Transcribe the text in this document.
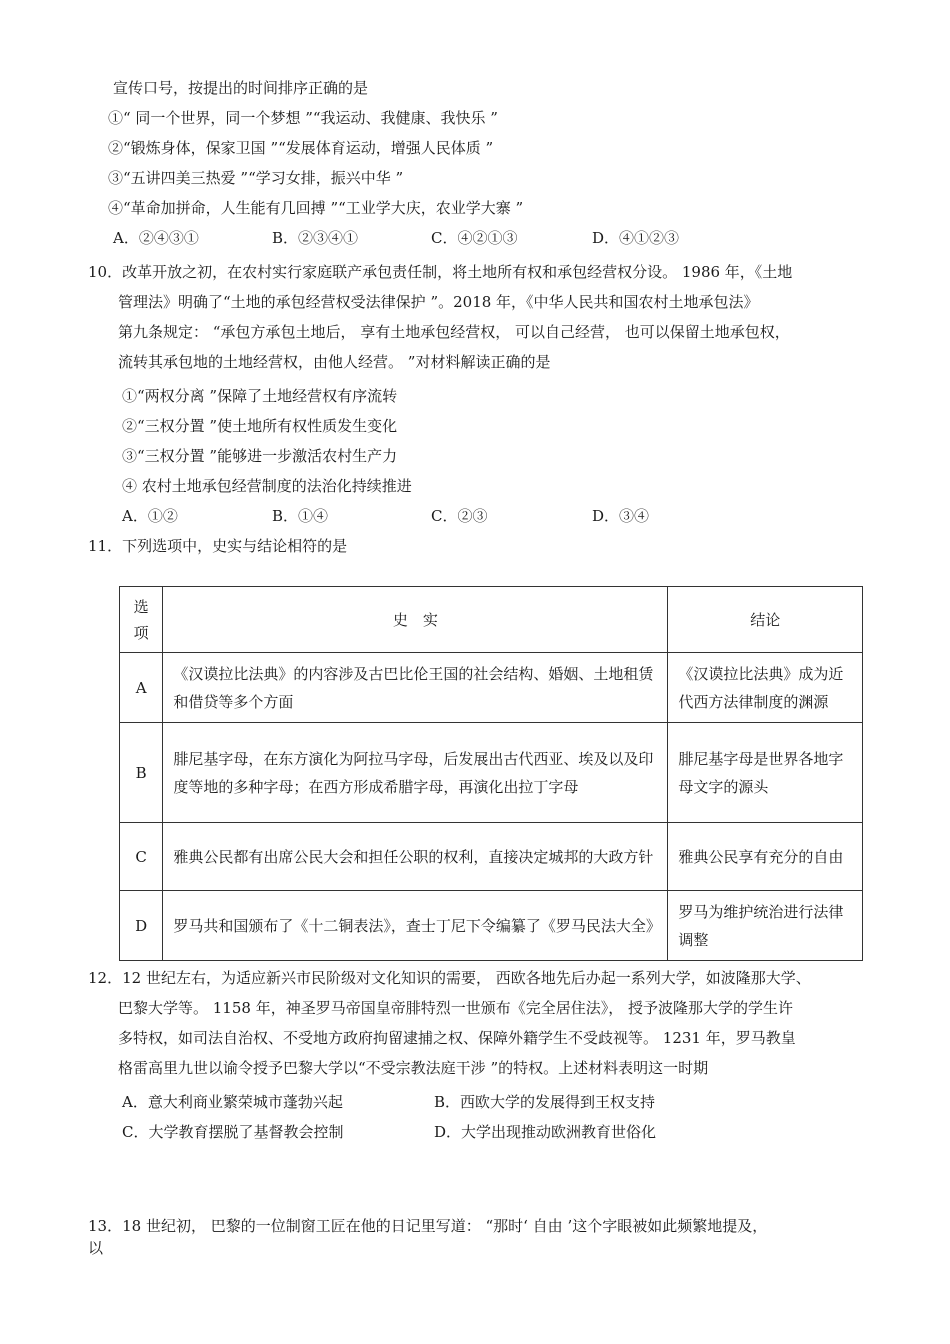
宣传口号，按提出的时间排序正确的是
①“ 同一个世界，同一个梦想 ”“我运动、我健康、我快乐 ”
②“锻炼身体，保家卫国 ”“发展体育运动，增强人民体质 ”
③“五讲四美三热爱 ”“学习女排，振兴中华 ”
④“革命加拼命，人生能有几回搏 ”“工业学大庆，农业学大寨 ”
A．②④③①	B．②③④①	C．④②①③	D．④①②③
10．改革开放之初，在农村实行家庭联产承包责任制，将土地所有权和承包经营权分设。 1986 年，《土地
管理法》明确了“土地的承包经营权受法律保护 ”。2018 年，《中华人民共和国农村土地承包法》
第九条规定： “承包方承包土地后， 享有土地承包经营权， 可以自己经营， 也可以保留土地承包权，
流转其承包地的土地经营权，由他人经营。 ”对材料解读正确的是
①“两权分离 ”保障了土地经营权有序流转
②“三权分置 ”使土地所有权性质发生变化
③“三权分置 ”能够进一步激活农村生产力
④ 农村土地承包经营制度的法治化持续推进
A．①②	B．①④	C．②③	D．③④
11．下列选项中，史实与结论相符的是
选
项	史　实	结论
A	《汉谟拉比法典》的内容涉及古巴比伦王国的社会结构、婚姻、土地租赁和借贷等多个方面	《汉谟拉比法典》成为近代西方法律制度的渊源
B	腓尼基字母，在东方演化为阿拉马字母，后发展出古代西亚、埃及以及印度等地的多种字母；在西方形成希腊字母，再演化出拉丁字母	腓尼基字母是世界各地字母文字的源头
C	雅典公民都有出席公民大会和担任公职的权利，直接决定城邦的大政方针	雅典公民享有充分的自由
D	罗马共和国颁布了《十二铜表法》，查士丁尼下令编纂了《罗马民法大全》	罗马为维护统治进行法律调整
12．12 世纪左右，为适应新兴市民阶级对文化知识的需要， 西欧各地先后办起一系列大学，如波隆那大学、
巴黎大学等。 1158 年，神圣罗马帝国皇帝腓特烈一世颁布《完全居住法》， 授予波隆那大学的学生许
多特权，如司法自治权、不受地方政府拘留逮捕之权、保障外籍学生不受歧视等。 1231 年，罗马教皇
格雷高里九世以谕令授予巴黎大学以“不受宗教法庭干涉 ”的特权。上述材料表明这一时期
A．意大利商业繁荣城市蓬勃兴起	B．西欧大学的发展得到王权支持
C．大学教育摆脱了基督教会控制	D．大学出现推动欧洲教育世俗化
13．18 世纪初， 巴黎的一位制窗工匠在他的日记里写道： “那时‘ 自由 ’这个字眼被如此频繁地提及，
以
